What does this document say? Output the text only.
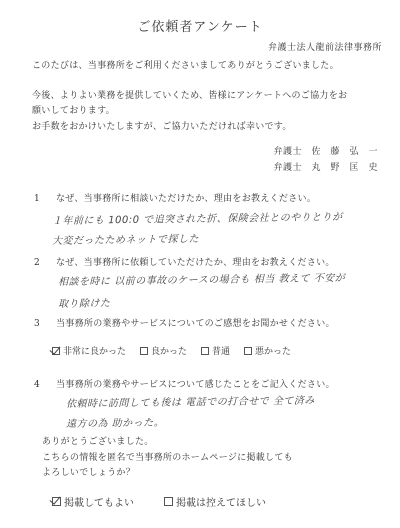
ご依頼者アンケート
弁護士法人龍前法律事務所
このたびは、当事務所をご利用くださいましてありがとうございました。
今後、よりよい業務を提供していくため、皆様にアンケートへのご協力をお
願いしております。
お手数をおかけいたしますが、ご協力いただければ幸いです。
弁護士　佐　藤　弘　一
弁護士　丸　野　匡　史
1 なぜ、当事務所に相談いただけたか、理由をお教えください。
１年前にも 100:0 で追突された折、保険会社とのやりとりが
大変だったためネットで探した
2 なぜ、当事務所に依頼していただけたか、理由をお教えください。
相談を時に 以前の事故のケースの場合も 相当 教えて 不安が
取り除けた
3 当事務所の業務やサービスについてのご感想をお聞かせください。
非常に良かった	良かった	普通	悪かった
4 当事務所の業務やサービスについて感じたことをご記入ください。
依頼時に訪問しても後は 電話での打合せで 全て済み
遠方の為 助かった。
ありがとうございました。
こちらの情報を匿名で当事務所のホームページに掲載しても
よろしいでしょうか？
掲載してもよい	掲載は控えてほしい
